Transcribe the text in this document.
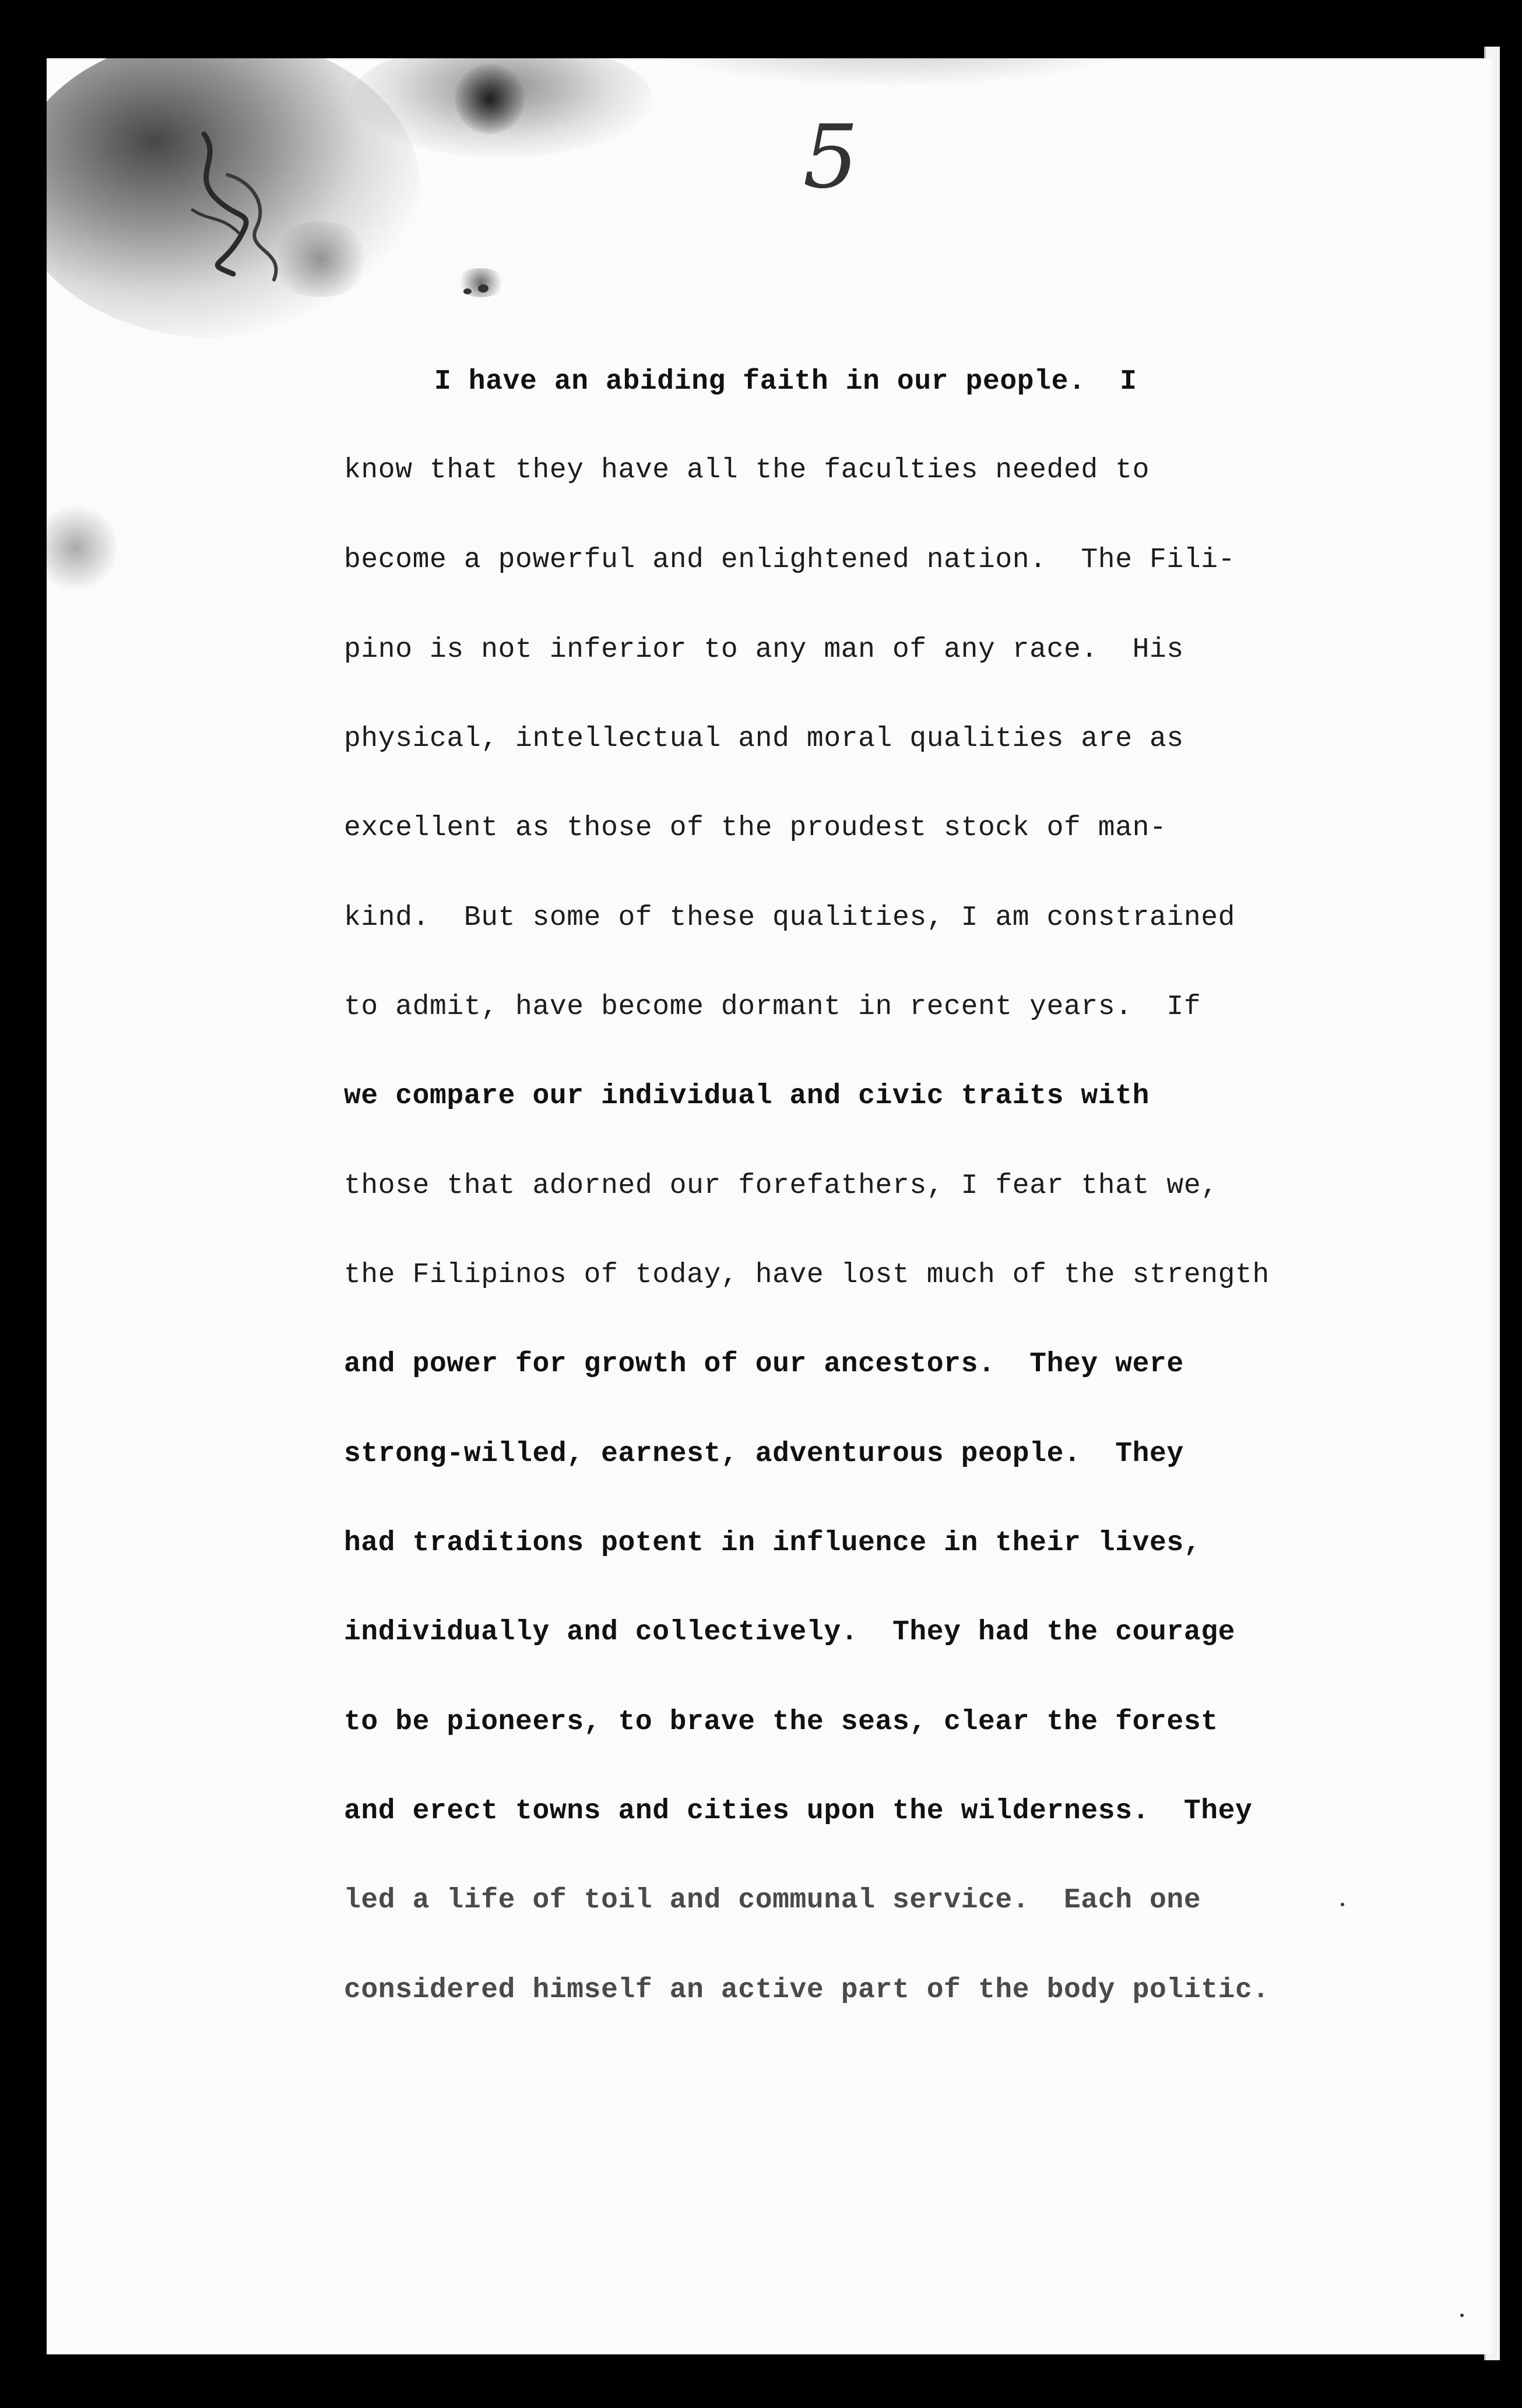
5

I have an abiding faith in our people.  I

know that they have all the faculties needed to

become a powerful and enlightened nation.  The Fili-

pino is not inferior to any man of any race.  His

physical, intellectual and moral qualities are as

excellent as those of the proudest stock of man-

kind.  But some of these qualities, I am constrained

to admit, have become dormant in recent years.  If

we compare our individual and civic traits with

those that adorned our forefathers, I fear that we,

the Filipinos of today, have lost much of the strength

and power for growth of our ancestors.  They were

strong-willed, earnest, adventurous people.  They

had traditions potent in influence in their lives,

individually and collectively.  They had the courage

to be pioneers, to brave the seas, clear the forest

and erect towns and cities upon the wilderness.  They

led a life of toil and communal service.  Each one

considered himself an active part of the body politic.
